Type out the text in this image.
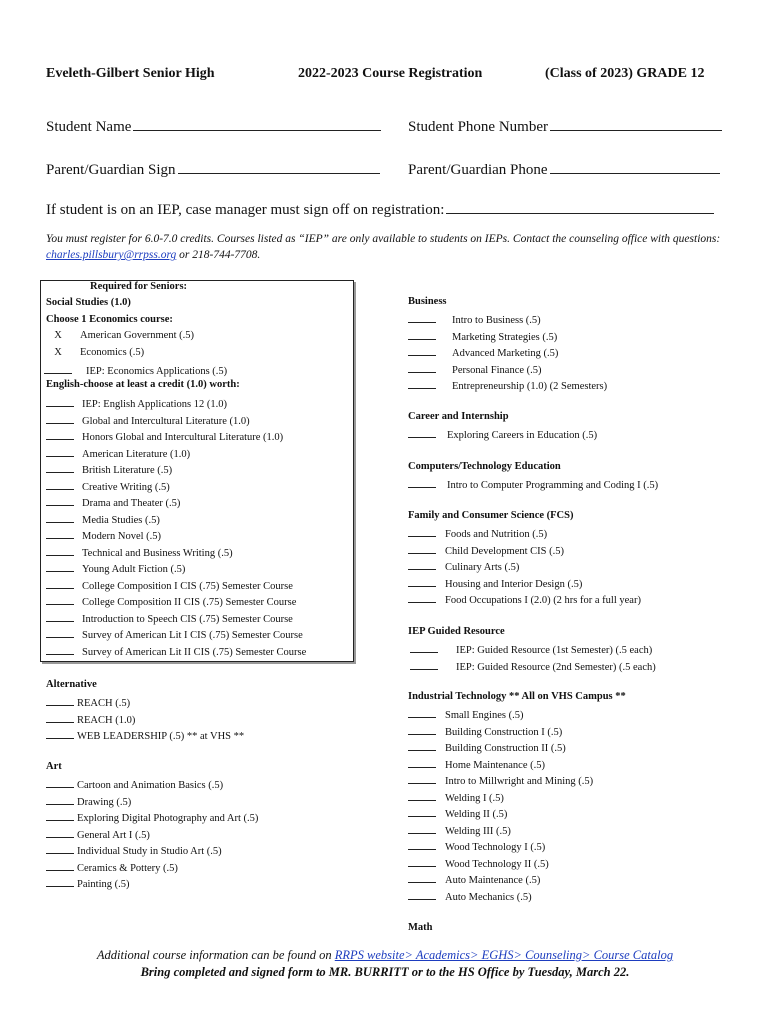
Eveleth-Gilbert Senior High	2022-2023 Course Registration	(Class of 2023) GRADE 12
Student Name	Student Phone Number
Parent/Guardian Sign	Parent/Guardian Phone
If student is on an IEP, case manager must sign off on registration:
You must register for 6.0-7.0 credits. Courses listed as “IEP” are only available to students on IEPs. Contact the counseling office with questions: charles.pillsbury@rrpss.org or 218-744-7708.
Required for Seniors:
Social Studies (1.0)
Choose 1 Economics course:
X American Government (.5)
X Economics (.5)
IEP: Economics Applications (.5)
English-choose at least a credit (1.0) worth:
IEP: English Applications 12 (1.0)
Global and Intercultural Literature (1.0)
Honors Global and Intercultural Literature (1.0)
American Literature (1.0)
British Literature (.5)
Creative Writing (.5)
Drama and Theater (.5)
Media Studies (.5)
Modern Novel (.5)
Technical and Business Writing (.5)
Young Adult Fiction (.5)
College Composition I CIS (.75) Semester Course
College Composition II CIS (.75) Semester Course
Introduction to Speech CIS (.75) Semester Course
Survey of American Lit I CIS (.75) Semester Course
Survey of American Lit II CIS (.75) Semester Course
Alternative
REACH (.5)
REACH (1.0)
WEB LEADERSHIP (.5) ** at VHS **
Art
Cartoon and Animation Basics (.5)
Drawing (.5)
Exploring Digital Photography and Art (.5)
General Art I (.5)
Individual Study in Studio Art (.5)
Ceramics & Pottery (.5)
Painting (.5)
Business
Intro to Business (.5)
Marketing Strategies (.5)
Advanced Marketing (.5)
Personal Finance (.5)
Entrepreneurship (1.0) (2 Semesters)
Career and Internship
Exploring Careers in Education (.5)
Computers/Technology Education
Intro to Computer Programming and Coding I (.5)
Family and Consumer Science (FCS)
Foods and Nutrition (.5)
Child Development CIS (.5)
Culinary Arts (.5)
Housing and Interior Design (.5)
Food Occupations I (2.0) (2 hrs for a full year)
IEP Guided Resource
IEP: Guided Resource (1st Semester) (.5 each)
IEP: Guided Resource (2nd Semester) (.5 each)
Industrial Technology ** All on VHS Campus **
Small Engines (.5)
Building Construction I (.5)
Building Construction II (.5)
Home Maintenance (.5)
Intro to Millwright and Mining (.5)
Welding I (.5)
Welding II (.5)
Welding III (.5)
Wood Technology I (.5)
Wood Technology II (.5)
Auto Maintenance (.5)
Auto Mechanics (.5)
Math
Additional course information can be found on RRPS website> Academics> EGHS> Counseling> Course Catalog
Bring completed and signed form to MR. BURRITT or to the HS Office by Tuesday, March 22.
